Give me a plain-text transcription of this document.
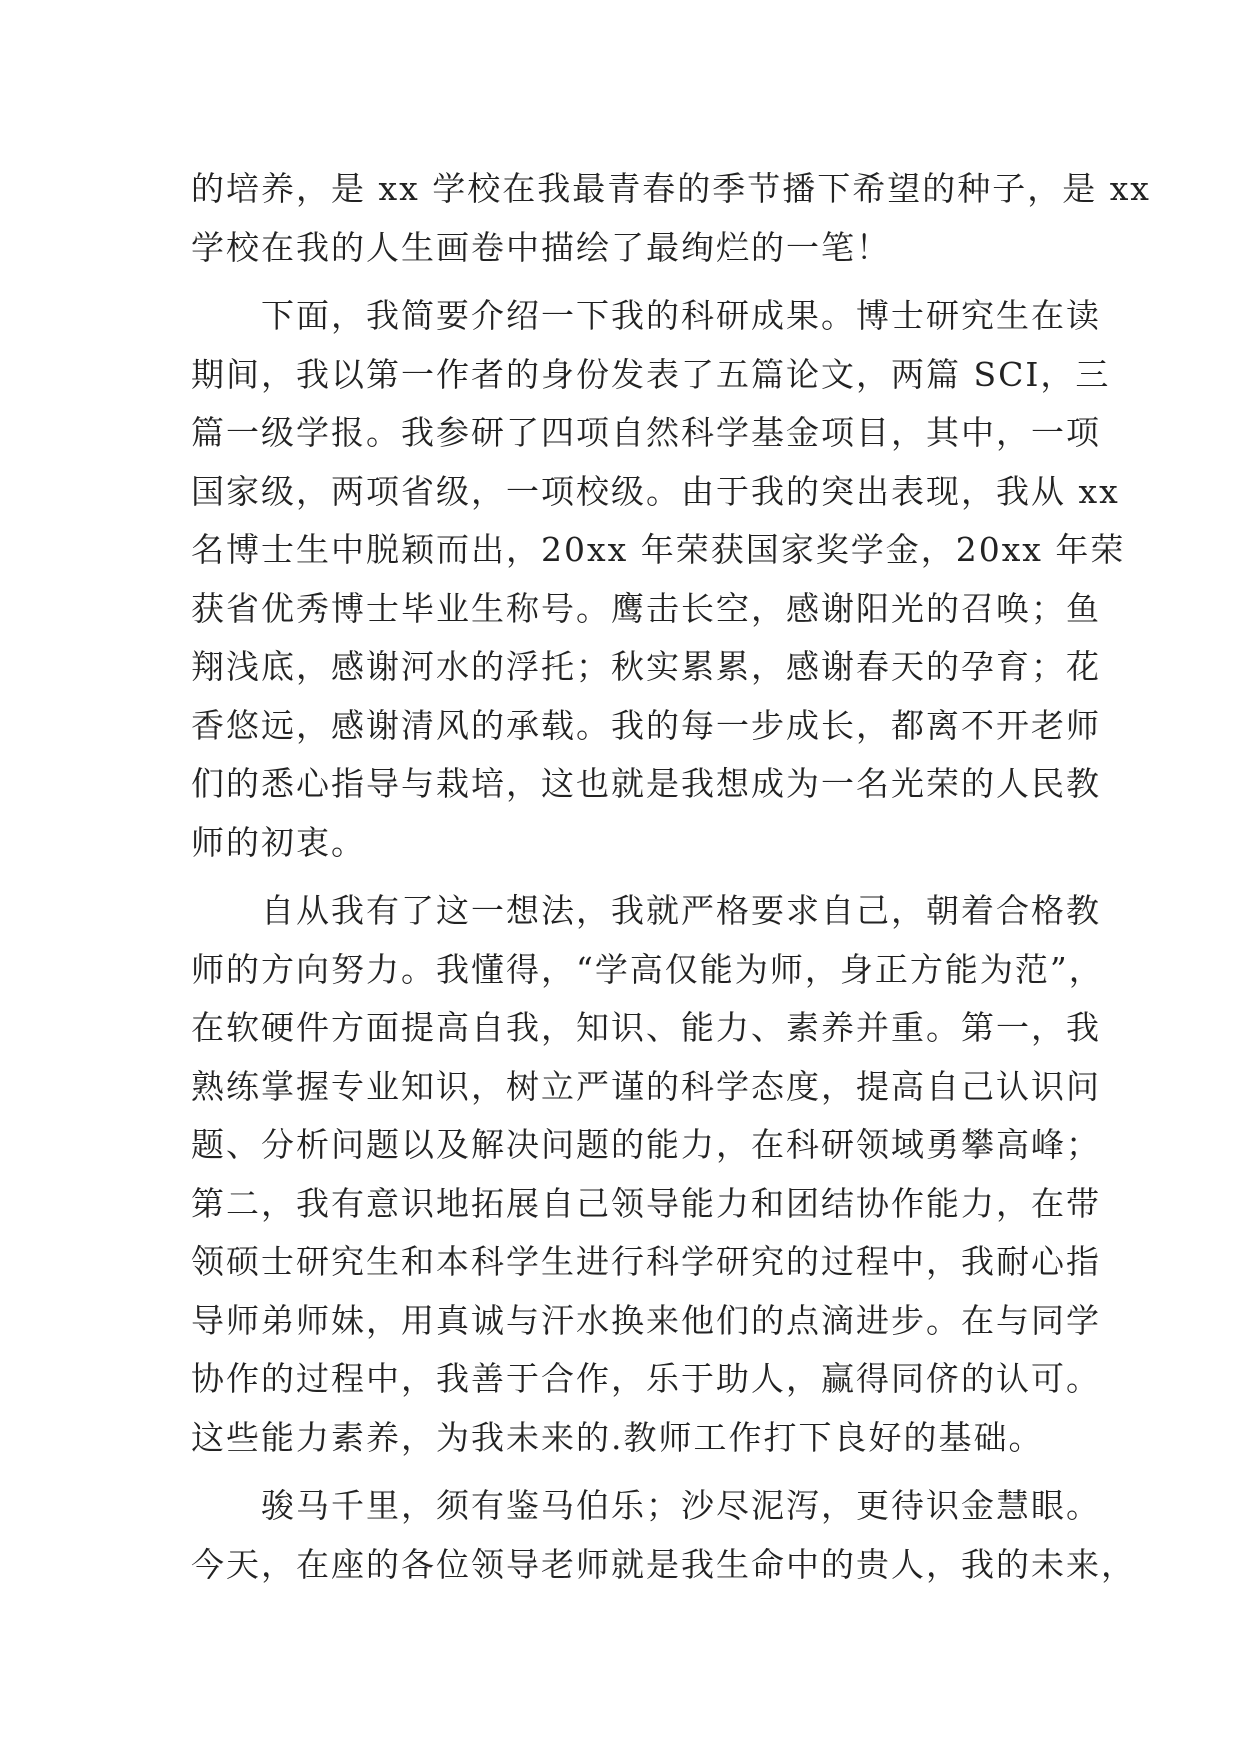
的培养，是 xx 学校在我最青春的季节播下希望的种子，是 xx

学校在我的人生画卷中描绘了最绚烂的一笔！

　　下面，我简要介绍一下我的科研成果。博士研究生在读

期间，我以第一作者的身份发表了五篇论文，两篇 SCI，三

篇一级学报。我参研了四项自然科学基金项目，其中，一项

国家级，两项省级，一项校级。由于我的突出表现，我从 xx

名博士生中脱颖而出，20xx 年荣获国家奖学金，20xx 年荣

获省优秀博士毕业生称号。鹰击长空，感谢阳光的召唤；鱼

翔浅底，感谢河水的浮托；秋实累累，感谢春天的孕育；花

香悠远，感谢清风的承载。我的每一步成长，都离不开老师

们的悉心指导与栽培，这也就是我想成为一名光荣的人民教

师的初衷。

　　自从我有了这一想法，我就严格要求自己，朝着合格教

师的方向努力。我懂得，“学高仅能为师，身正方能为范”，

在软硬件方面提高自我，知识、能力、素养并重。第一，我

熟练掌握专业知识，树立严谨的科学态度，提高自己认识问

题、分析问题以及解决问题的能力，在科研领域勇攀高峰；

第二，我有意识地拓展自己领导能力和团结协作能力，在带

领硕士研究生和本科学生进行科学研究的过程中，我耐心指

导师弟师妹，用真诚与汗水换来他们的点滴进步。在与同学

协作的过程中，我善于合作，乐于助人，赢得同侪的认可。

这些能力素养，为我未来的.教师工作打下良好的基础。

　　骏马千里，须有鉴马伯乐；沙尽泥泻，更待识金慧眼。

今天，在座的各位领导老师就是我生命中的贵人，我的未来，
